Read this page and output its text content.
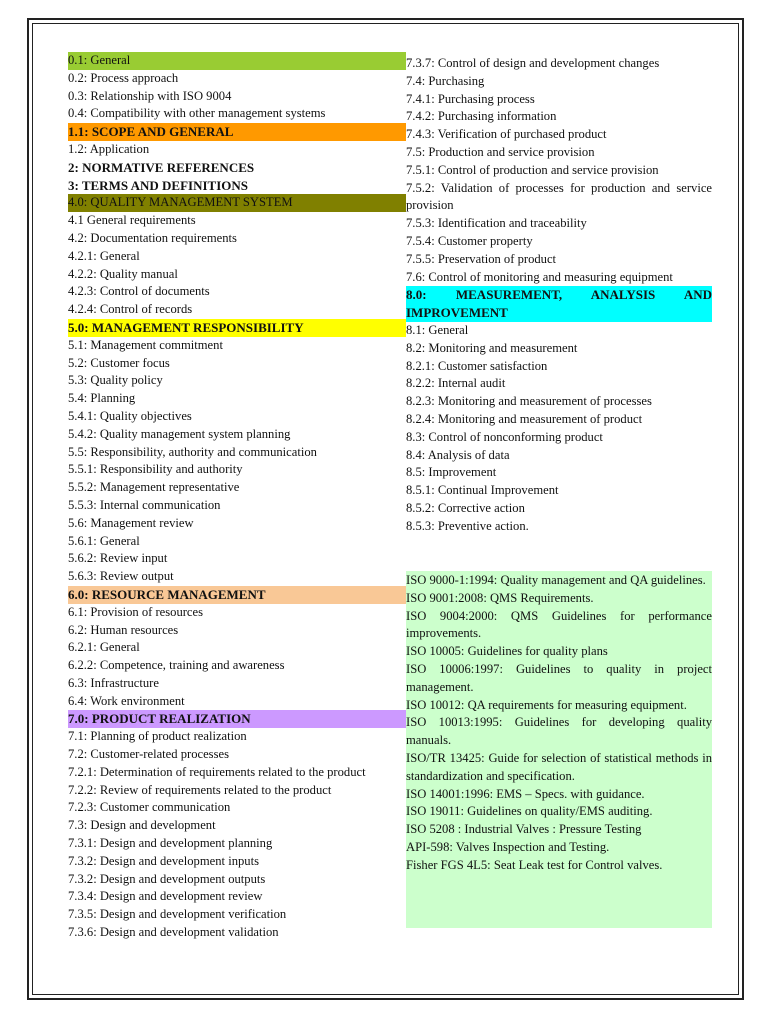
0.1: General
0.2: Process approach
0.3: Relationship with ISO 9004
0.4: Compatibility with other management systems
1.1: SCOPE AND GENERAL
1.2: Application
2: NORMATIVE REFERENCES
3: TERMS AND DEFINITIONS
4.0: QUALITY MANAGEMENT SYSTEM
4.1 General requirements
4.2: Documentation requirements
4.2.1: General
4.2.2: Quality manual
4.2.3: Control of documents
4.2.4: Control of records
5.0: MANAGEMENT RESPONSIBILITY
5.1: Management commitment
5.2: Customer focus
5.3: Quality policy
5.4: Planning
5.4.1: Quality objectives
5.4.2: Quality management system planning
5.5: Responsibility, authority and communication
5.5.1: Responsibility and authority
5.5.2: Management representative
5.5.3: Internal communication
5.6: Management review
5.6.1: General
5.6.2: Review input
5.6.3: Review output
6.0: RESOURCE MANAGEMENT
6.1: Provision of resources
6.2: Human resources
6.2.1: General
6.2.2: Competence, training and awareness
6.3: Infrastructure
6.4: Work environment
7.0: PRODUCT REALIZATION
7.1: Planning of product realization
7.2: Customer-related processes
7.2.1: Determination of requirements related to the product
7.2.2: Review of requirements related to the product
7.2.3: Customer communication
7.3: Design and development
7.3.1: Design and development planning
7.3.2: Design and development inputs
7.3.2: Design and development outputs
7.3.4: Design and development review
7.3.5: Design and development verification
7.3.6: Design and development validation
7.3.7: Control of design and development changes
7.4: Purchasing
7.4.1: Purchasing process
7.4.2: Purchasing information
7.4.3: Verification of purchased product
7.5: Production and service provision
7.5.1: Control of production and service provision
7.5.2: Validation of processes for production and service provision
7.5.3: Identification and traceability
7.5.4: Customer property
7.5.5: Preservation of product
7.6: Control of monitoring and measuring equipment
8.0: MEASUREMENT, ANALYSIS AND IMPROVEMENT
8.1: General
8.2: Monitoring and measurement
8.2.1: Customer satisfaction
8.2.2: Internal audit
8.2.3: Monitoring and measurement of processes
8.2.4: Monitoring and measurement of product
8.3: Control of nonconforming product
8.4: Analysis of data
8.5: Improvement
8.5.1: Continual Improvement
8.5.2: Corrective action
8.5.3: Preventive action.
ISO 9000-1:1994: Quality management and QA guidelines.
ISO 9001:2008: QMS Requirements.
ISO 9004:2000: QMS Guidelines for performance improvements.
ISO 10005: Guidelines for quality plans
ISO 10006:1997: Guidelines to quality in project management.
ISO 10012: QA requirements for measuring equipment.
ISO 10013:1995: Guidelines for developing quality manuals.
ISO/TR 13425: Guide for selection of statistical methods in standardization and specification.
ISO 14001:1996: EMS – Specs. with guidance.
ISO 19011: Guidelines on quality/EMS auditing.
ISO 5208 : Industrial Valves : Pressure Testing
API-598: Valves Inspection and Testing.
Fisher FGS 4L5: Seat Leak test for Control valves.
